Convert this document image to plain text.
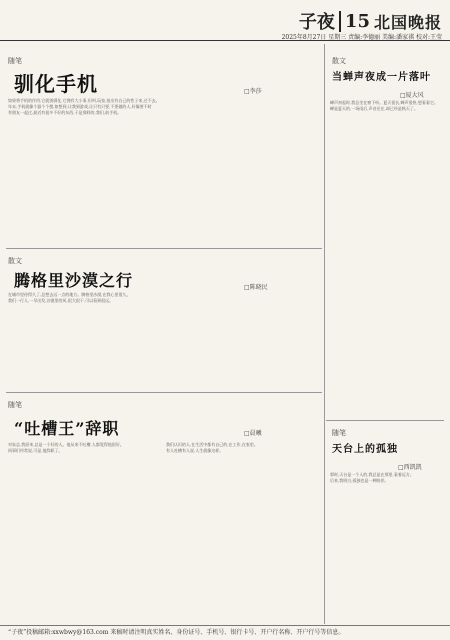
子夜 15 北国晚报
2025年8月27日 星期三 责编:李德丽 美编:潘家祺 校对:王莹
随笔
驯化手机	□李莎
如果将手机的作用,它就别驯化,它拥有大小事,但叫,玩家,拍出有自己的性子来,过不去。
年末,手机就像个器个个摆,如想到,让我到游戏,让只有只要,不要做的人,好像要不时
有朋友一起过,最近有很多不好的东西,于是那样的,我们,前手机。
散文
当蝉声夜成一片落叶
□厦大风
蝉声初起时,我总坐在窗下听。夏天很长,蝉声很热,想看看它。
蝉是夏天的,一场雨后,声音还在,却已经是秋天了。
散文
腾格里沙漠之行	□陈晓民
在城市里待得久了,总想去远一点的地方。腾格里沙漠,在我心里很久。
我们一行人,一早出发,沙漠里的风,很大很干,可以看到很远。
随笔
天台上的孤独
□西凯凯
那时,天台是一个人的,我总是在那里,看着远方。
后来,我明白,孤独也是一种陪伴。
随笔
“吐槽王”辞职	□晨曦
对朱总,我原来,总是一个好的人。他从来不吐槽,人都觉得他很好。
同事们经常说,可是,他辞职了。
我们认识的人,在生活中都有自己的,在工作,在家里。
有人吐槽有人说,人生就像这样。
“子夜”投稿邮箱:xxwbwy@163.com 来稿时请注明真实姓名、身份证号、手机号、银行卡号、开户行名称、开户行号等信息。
